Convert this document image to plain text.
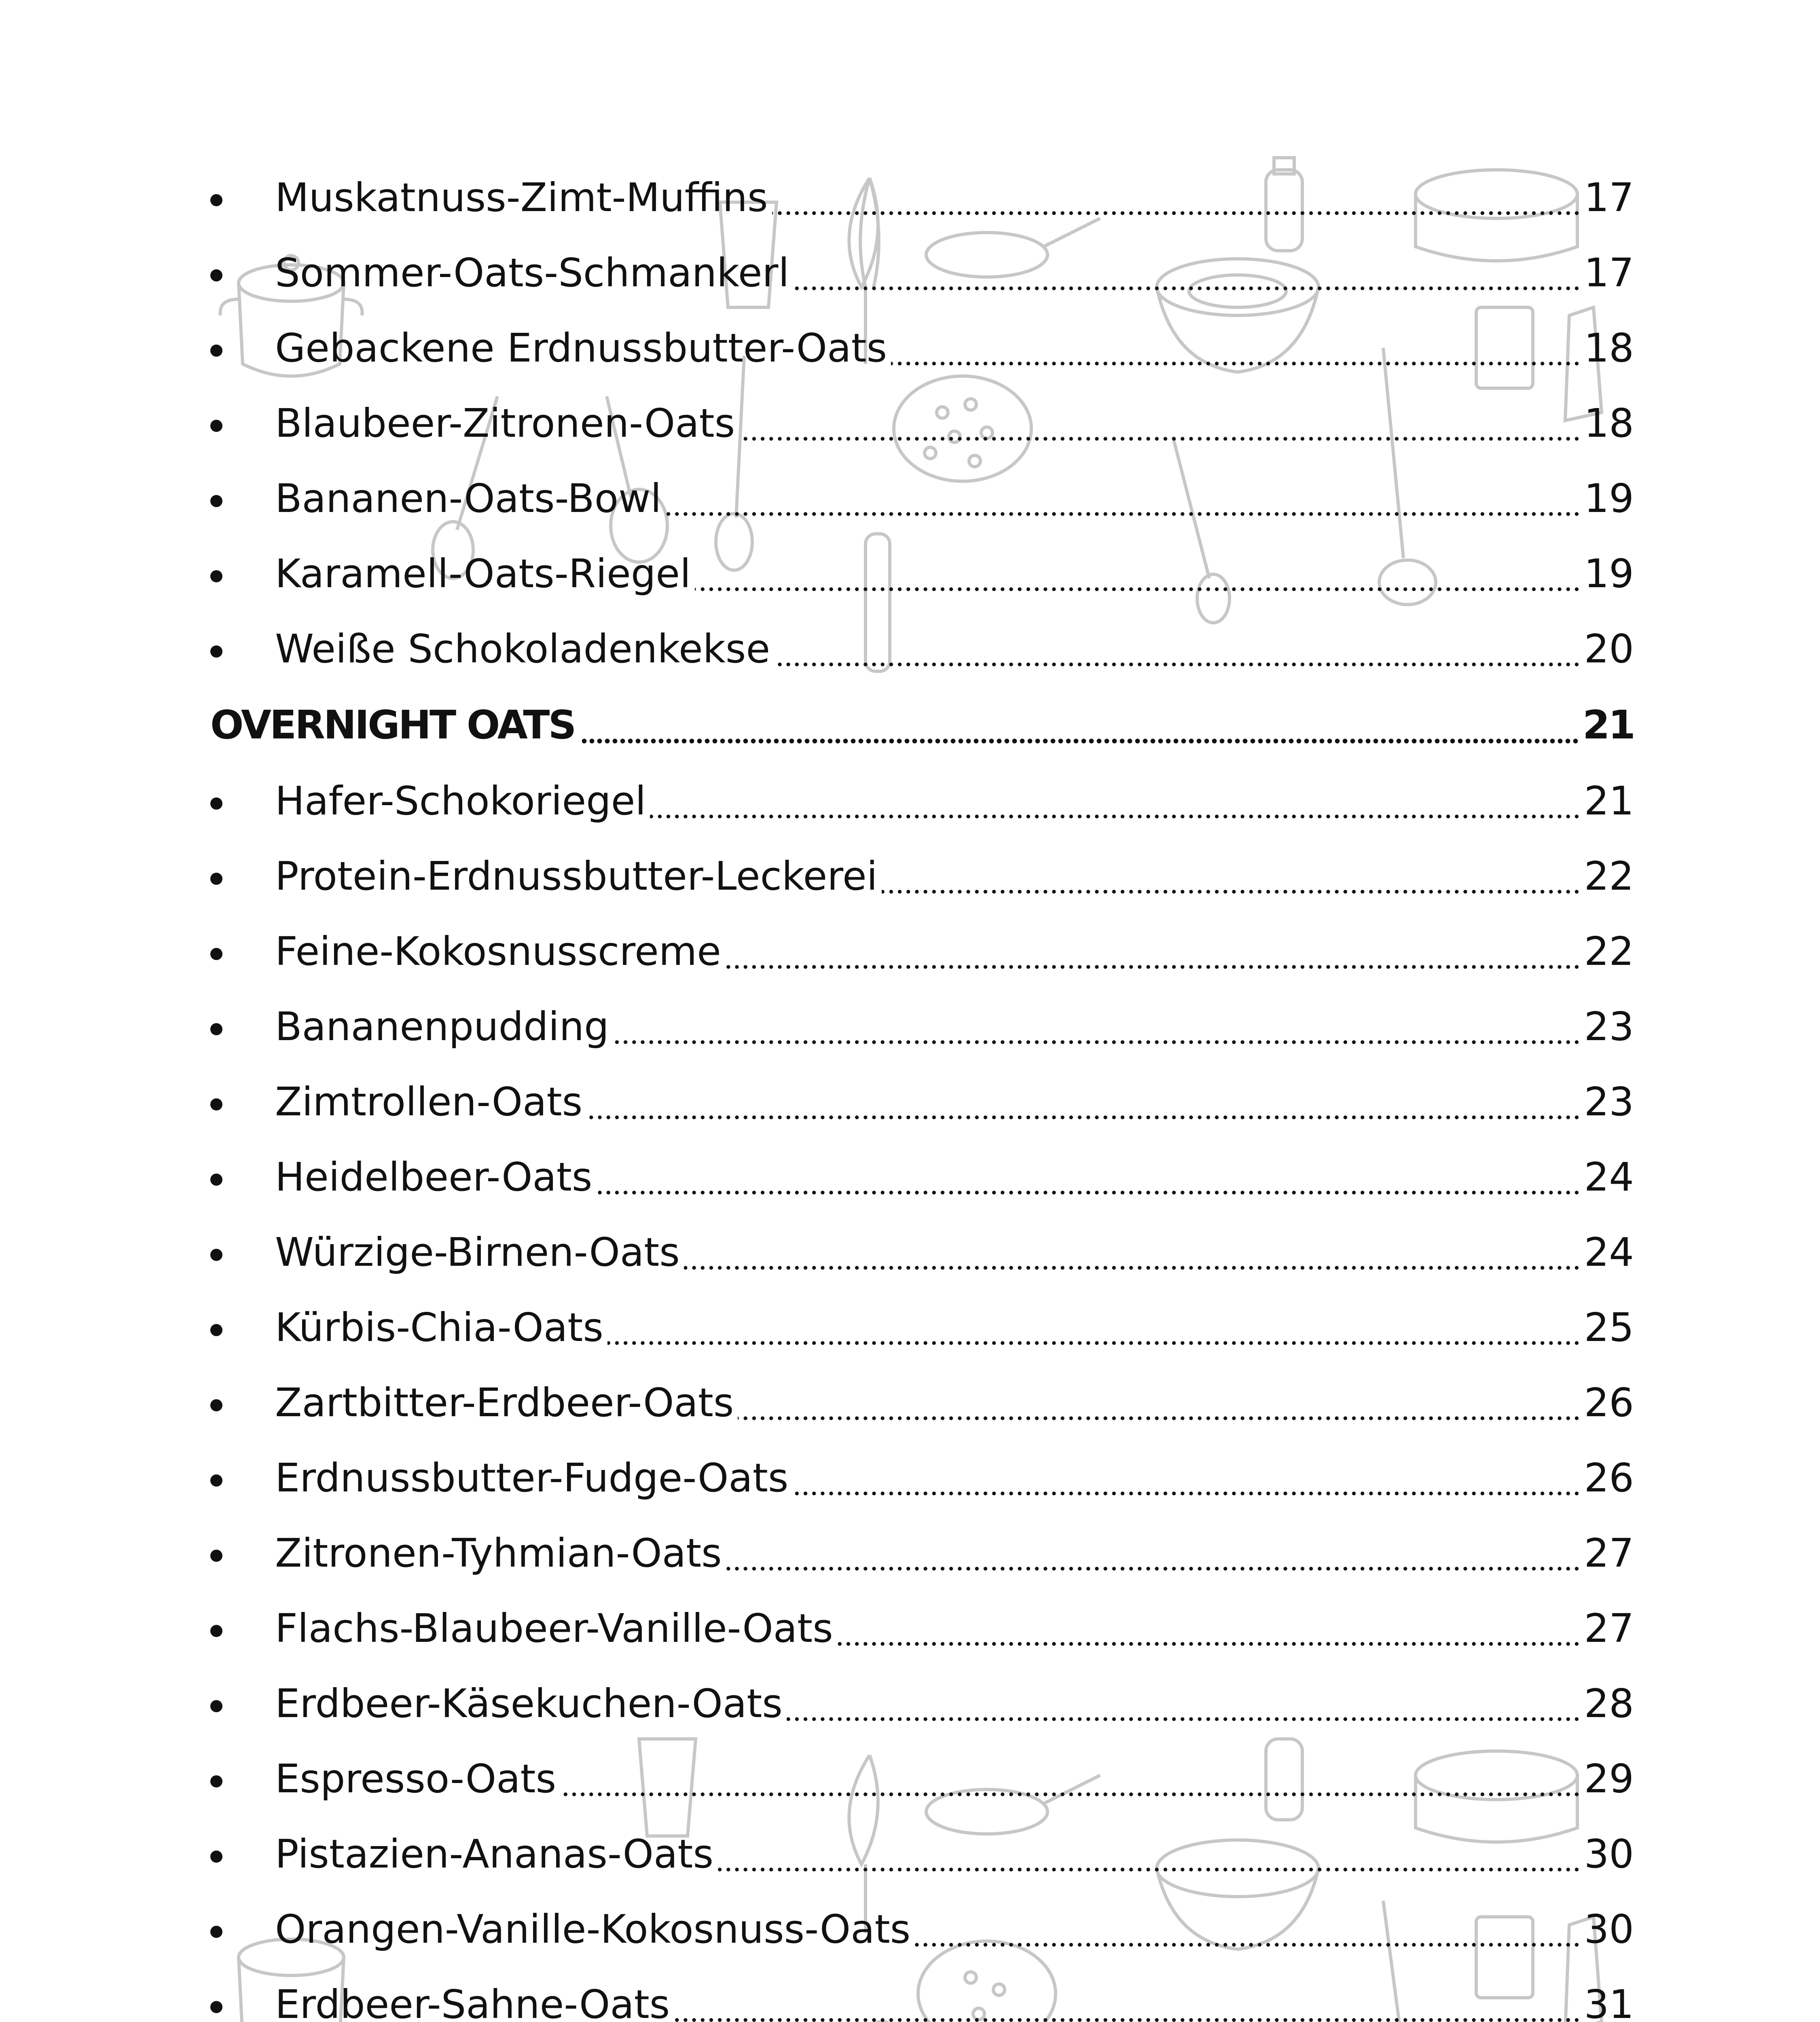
Muskatnuss-Zimt-Muffins	17
Sommer-Oats-Schmankerl	17
Gebackene Erdnussbutter-Oats	18
Blaubeer-Zitronen-Oats	18
Bananen-Oats-Bowl	19
Karamell-Oats-Riegel	19
Weiße Schokoladenkekse	20
OVERNIGHT OATS	21
Hafer-Schokoriegel	21
Protein-Erdnussbutter-Leckerei	22
Feine-Kokosnusscreme	22
Bananenpudding	23
Zimtrollen-Oats	23
Heidelbeer-Oats	24
Würzige-Birnen-Oats	24
Kürbis-Chia-Oats	25
Zartbitter-Erdbeer-Oats	26
Erdnussbutter-Fudge-Oats	26
Zitronen-Tyhmian-Oats	27
Flachs-Blaubeer-Vanille-Oats	27
Erdbeer-Käsekuchen-Oats	28
Espresso-Oats	29
Pistazien-Ananas-Oats	30
Orangen-Vanille-Kokosnuss-Oats	30
Erdbeer-Sahne-Oats	31
